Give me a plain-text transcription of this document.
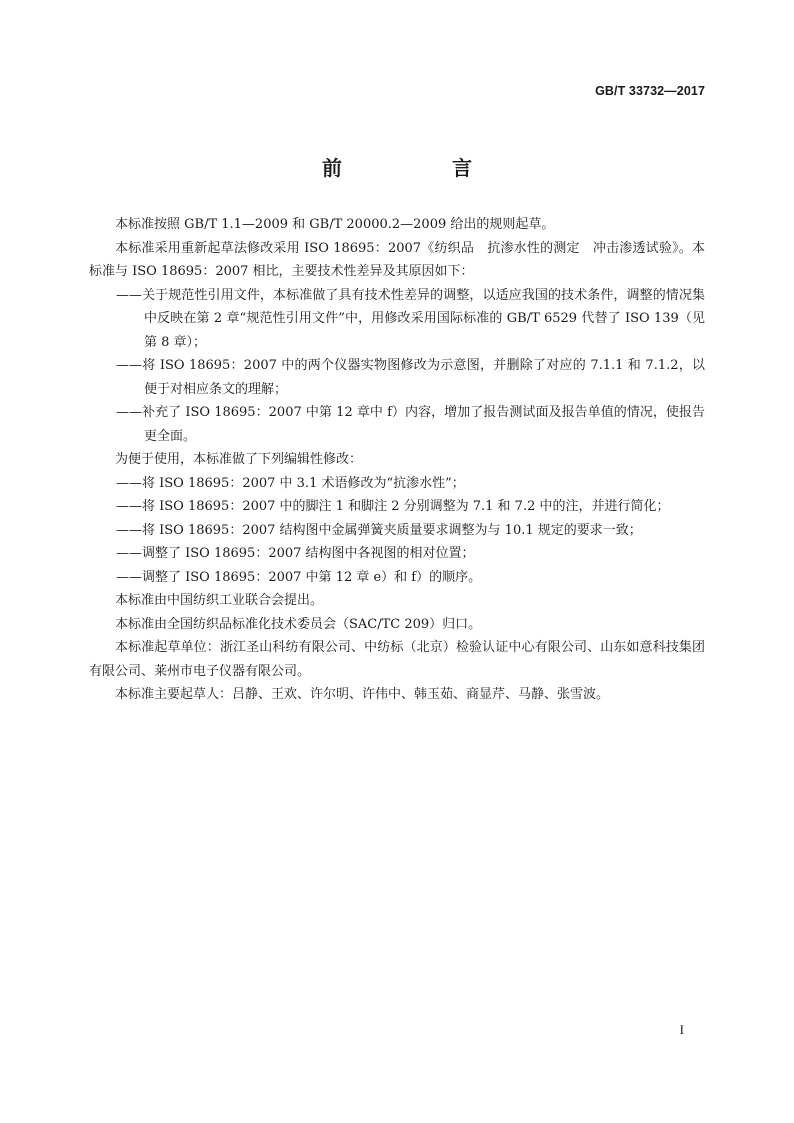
GB/T 33732—2017
前　言

本标准按照 GB/T 1.1—2009 和 GB/T 20000.2—2009 给出的规则起草。

本标准采用重新起草法修改采用 ISO 18695：2007《纺织品　抗渗水性的测定　冲击渗透试验》。本标准与 ISO 18695：2007 相比，主要技术性差异及其原因如下：

——关于规范性引用文件，本标准做了具有技术性差异的调整，以适应我国的技术条件，调整的情况集中反映在第 2 章“规范性引用文件”中，用修改采用国际标准的 GB/T 6529 代替了 ISO 139（见第 8 章）；

——将 ISO 18695：2007 中的两个仪器实物图修改为示意图，并删除了对应的 7.1.1 和 7.1.2，以便于对相应条文的理解；

——补充了 ISO 18695：2007 中第 12 章中 f）内容，增加了报告测试面及报告单值的情况，使报告更全面。

为便于使用，本标准做了下列编辑性修改：

——将 ISO 18695：2007 中 3.1 术语修改为“抗渗水性”；

——将 ISO 18695：2007 中的脚注 1 和脚注 2 分别调整为 7.1 和 7.2 中的注，并进行简化；

——将 ISO 18695：2007 结构图中金属弹簧夹质量要求调整为与 10.1 规定的要求一致；

——调整了 ISO 18695：2007 结构图中各视图的相对位置；

——调整了 ISO 18695：2007 中第 12 章 e）和 f）的顺序。

本标准由中国纺织工业联合会提出。

本标准由全国纺织品标准化技术委员会（SAC/TC 209）归口。

本标准起草单位：浙江圣山科纺有限公司、中纺标（北京）检验认证中心有限公司、山东如意科技集团有限公司、莱州市电子仪器有限公司。

本标准主要起草人：吕静、王欢、许尔明、许伟中、韩玉茹、商显芹、马静、张雪波。

I
